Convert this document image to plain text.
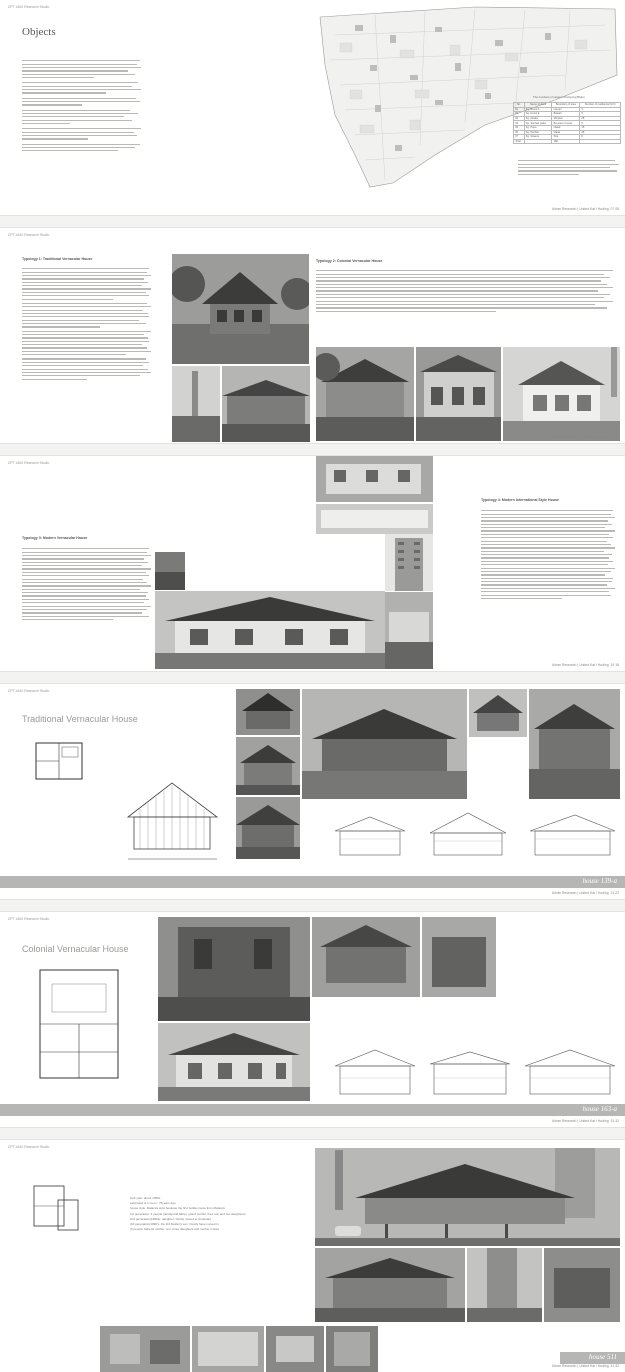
DPT 4460 Research Studio
Objects
The numbers of cases in Kampung Bharu
No.	Name of Area	Boundary of area	Number of residential (1/3)
01	Kg. Hosni A	Laman	4
02	Kg. Hosni E	Bawah	5
03	Kg. Atraksi	Morpien	28
04	Kg. Sanhati pada	Bo area of sreet	5
05	Kg. Pope	Natek	15
06	Kg. Peribat	Marai	25
07	Kg. Swaere	Sira	8
Total		180	
Urban Research | United Kat / Hoding 07 08
DPT 4460 Research Studio
Typology 1: Traditional Vernacular House	Typology 2: Colonial Vernacular House
Urban Research | United Kat / Hoding 15 16
DPT 4460 Research Studio
Typology 3: Modern Vernacular House
Typology 4: Modern International Style House
Urban Research | United Kat / Hoding 19 18
DPT 4460 Research Studio
Traditional Vernacular House
house 139-a
Urban Research | United Kat / Hoding 21 22
DPT 4460 Research Studio
Colonial Vernacular House
house 163-a
Urban Research | United Kat / Hoding 31 32
DPT 4460 Research Studio
built year: about 1950s
estimated of 1 room : 75years ago
house style: Malacca style because the first builder came from Malacca
1st generation: 3 people (land/grand father, grand mother, their son and two daughters)
2nd generation(1980s): daughter / family moved to (Kuantan)
3rd generation(1990's: the 3rd builder's son ) family have moved in
(5 people: father/s mother, son, three daughters and mother in law)
house 511
Urban Research | United Kat / Hoding 41 42
